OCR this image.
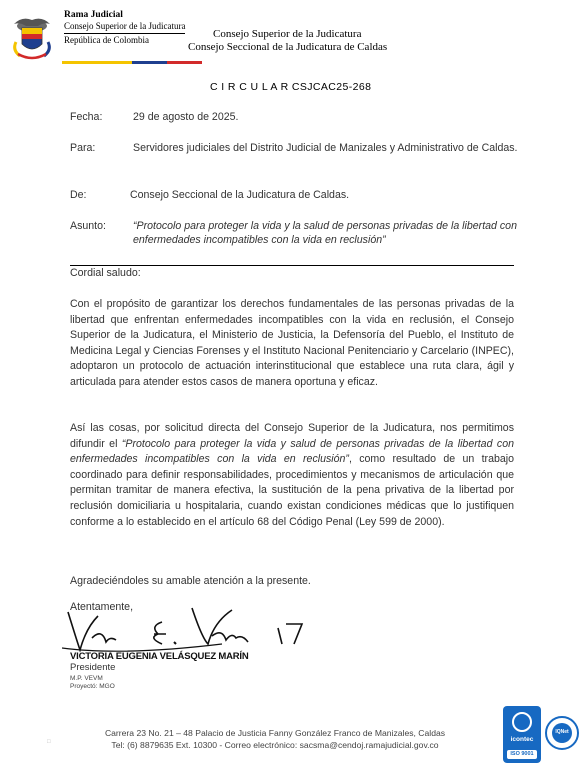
Rama Judicial
Consejo Superior de la Judicatura
República de Colombia	Consejo Superior de la Judicatura
Consejo Seccional de la Judicatura de Caldas
C I R C U L A R CSJCAC25-268
Fecha:	29 de agosto de 2025.
Para:	Servidores judiciales del Distrito Judicial de Manizales y Administrativo de Caldas.
De:	Consejo Seccional de la Judicatura de Caldas.
Asunto:	“Protocolo para proteger la vida y la salud de personas privadas de la libertad con enfermedades incompatibles con la vida en reclusión”
Cordial saludo:
Con el propósito de garantizar los derechos fundamentales de las personas privadas de la libertad que enfrentan enfermedades incompatibles con la vida en reclusión, el Consejo Superior de la Judicatura, el Ministerio de Justicia, la Defensoría del Pueblo, el Instituto de Medicina Legal y Ciencias Forenses y el Instituto Nacional Penitenciario y Carcelario (INPEC), adoptaron un protocolo de actuación interinstitucional que establece una ruta clara, ágil y articulada para atender estos casos de manera oportuna y eficaz.
Así las cosas, por solicitud directa del Consejo Superior de la Judicatura, nos permitimos difundir el “Protocolo para proteger la vida y salud de personas privadas de la libertad con enfermedades incompatibles con la vida en reclusión”, como resultado de un trabajo coordinado para definir responsabilidades, procedimientos y mecanismos de articulación que permitan tramitar de manera efectiva, la sustitución de la pena privativa de la libertad por reclusión domiciliaria u hospitalaria, cuando existan condiciones médicas que lo justifiquen conforme a lo establecido en el artículo 68 del Código Penal (Ley 599 de 2000).
Agradeciéndoles su amable atención a la presente.
Atentamente,
VICTORIA EUGENIA VELÁSQUEZ MARÍN
Presidente
M.P. VEVM
Proyectó: MGO
Carrera 23 No. 21 – 48 Palacio de Justicia Fanny González Franco de Manizales, Caldas
Tel: (6) 8879635 Ext. 10300 - Correo electrónico: sacsma@cendoj.ramajudicial.gov.co
□	icontec
ISO 9001
IQNet
